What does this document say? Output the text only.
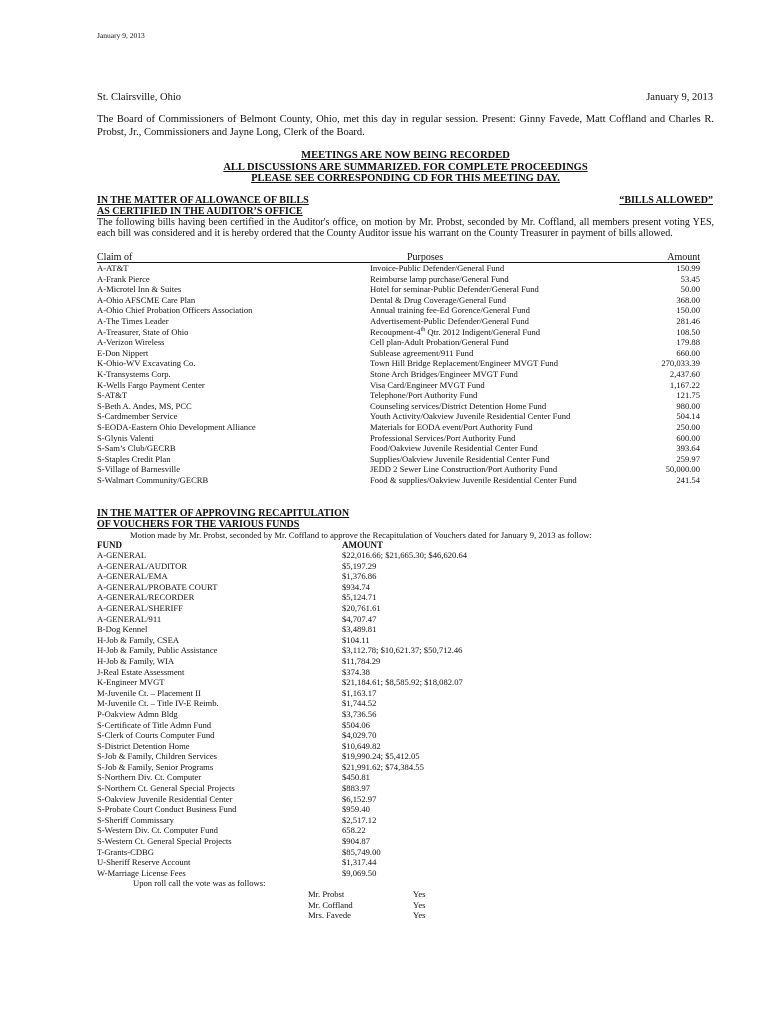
January 9, 2013
St. Clairsville, Ohio	January 9, 2013
The Board of Commissioners of Belmont County, Ohio, met this day in regular session. Present: Ginny Favede, Matt Coffland and Charles R. Probst, Jr., Commissioners and Jayne Long, Clerk of the Board.
MEETINGS ARE NOW BEING RECORDED
ALL DISCUSSIONS ARE SUMMARIZED. FOR COMPLETE PROCEEDINGS
PLEASE SEE CORRESPONDING CD FOR THIS MEETING DAY.
IN THE MATTER OF ALLOWANCE OF BILLS
AS CERTIFIED IN THE AUDITOR’S OFFICE
“BILLS ALLOWED”
The following bills having been certified in the Auditor's office, on motion by Mr. Probst, seconded by Mr. Coffland, all members present voting YES, each bill was considered and it is hereby ordered that the County Auditor issue his warrant on the County Treasurer in payment of bills allowed.
Claim of	Purposes	Amount
A-AT&T	Invoice-Public Defender/General Fund	150.99
A-Frank Pierce	Reimburse lamp purchase/General Fund	53.45
A-Microtel Inn & Suites	Hotel for seminar-Public Defender/General Fund	50.00
A-Ohio AFSCME Care Plan	Dental & Drug Coverage/General Fund	368.00
A-Ohio Chief Probation Officers Association	Annual training fee-Ed Gorence/General Fund	150.00
A-The Times Leader	Advertisement-Public Defender/General Fund	281.46
A-Treasurer, State of Ohio	Recoupment-4th Qtr. 2012 Indigent/General Fund	108.50
A-Verizon Wireless	Cell plan-Adult Probation/General Fund	179.88
E-Don Nippert	Sublease agreement/911 Fund	660.00
K-Ohio-WV Excavating Co.	Town Hill Bridge Replacement/Engineer MVGT Fund	270,033.39
K-Transystems Corp.	Stone Arch Bridges/Engineer MVGT Fund	2,437.60
K-Wells Fargo Payment Center	Visa Card/Engineer MVGT Fund	1,167.22
S-AT&T	Telephone/Port Authority Fund	121.75
S-Beth A. Andes, MS, PCC	Counseling services/District Detention Home Fund	980.00
S-Cardmember Service	Youth Activity/Oakview Juvenile Residential Center Fund	504.14
S-EODA-Eastern Ohio Development Alliance	Materials for EODA event/Port Authority Fund	250.00
S-Glynis Valenti	Professional Services/Port Authority Fund	600.00
S-Sam’s Club/GECRB	Food/Oakview Juvenile Residential Center Fund	393.64
S-Staples Credit Plan	Supplies/Oakview Juvenile Residential Center Fund	259.97
S-Village of Barnesville	JEDD 2 Sewer Line Construction/Port Authority Fund	50,000.00
S-Walmart Community/GECRB	Food & supplies/Oakview Juvenile Residential Center Fund	241.54
IN THE MATTER OF APPROVING RECAPITULATION
OF VOUCHERS FOR THE VARIOUS FUNDS
Motion made by Mr. Probst, seconded by Mr. Coffland to approve the Recapitulation of Vouchers dated for January 9, 2013 as follow:
FUND	AMOUNT
A-GENERAL	$22,016.66; $21,665.30; $46,620.64
A-GENERAL/AUDITOR	$5,197.29
A-GENERAL/EMA	$1,376.86
A-GENERAL/PROBATE COURT	$934.74
A-GENERAL/RECORDER	$5,124.71
A-GENERAL/SHERIFF	$20,761.61
A-GENERAL/911	$4,707.47
B-Dog Kennel	$3,489.81
H-Job & Family, CSEA	$104.11
H-Job & Family, Public Assistance	$3,112.78; $10,621.37; $50,712.46
H-Job & Family, WIA	$11,784.29
J-Real Estate Assessment	$374.38
K-Engineer MVGT	$21,184.61; $8,585.92; $18,082.07
M-Juvenile Ct. – Placement II	$1,163.17
M-Juvenile Ct. – Title IV-E Reimb.	$1,744.52
P-Oakview Admn Bldg	$3,736.56
S-Certificate of Title Admn Fund	$504.06
S-Clerk of Courts Computer Fund	$4,029.70
S-District Detention Home	$10,649.82
S-Job & Family, Children Services	$19,990.24; $5,412.05
S-Job & Family, Senior Programs	$21,991.62; $74,384.55
S-Northern Div. Ct. Computer	$450.81
S-Northern Ct. General Special Projects	$883.97
S-Oakview Juvenile Residential Center	$6,152.97
S-Probate Court Conduct Business Fund	$959.40
S-Sheriff Commissary	$2,517.12
S-Western Div. Ct. Computer Fund	658.22
S-Western Ct. General Special Projects	$904.87
T-Grants-CDBG	$85,749.00
U-Sheriff Reserve Account	$1,317.44
W-Marriage License Fees	$9,069.50
Upon roll call the vote was as follows:
Mr. Probst	Yes
Mr. Coffland	Yes
Mrs. Favede	Yes
